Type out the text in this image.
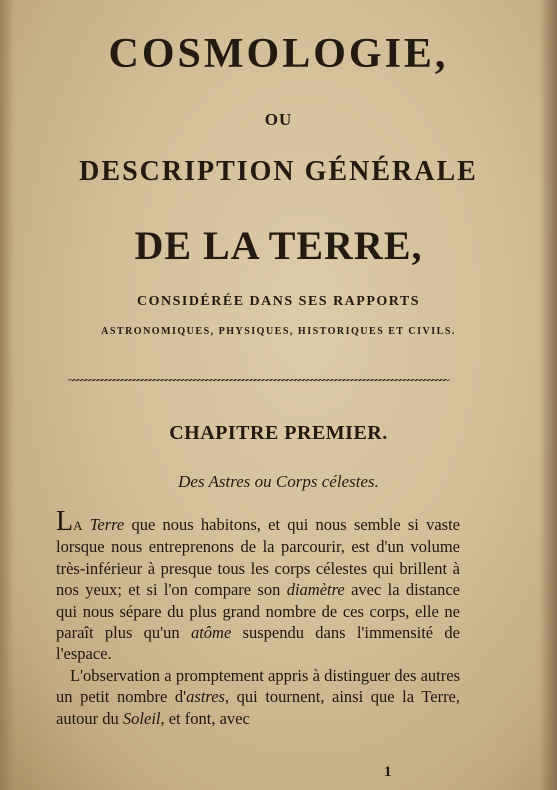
COSMOLOGIE,
OU
DESCRIPTION GÉNÉRALE
DE LA TERRE,
CONSIDÉRÉE DANS SES RAPPORTS
ASTRONOMIQUES, PHYSIQUES, HISTORIQUES ET CIVILS.
~~~~~~~~~~~~~~~~~~~~~~~~~~~~~~~~~~~~~~~~~~~~~~~~~~~~~~~~~~~~~~~~~~~~~~~~~~~~~~~~~~~~~~~~~~~~~~
CHAPITRE PREMIER.
Des Astres ou Corps célestes.

LA Terre que nous habitons, et qui nous semble si vaste lorsque nous entreprenons de la parcourir, est d'un volume très-inférieur à presque tous les corps célestes qui brillent à nos yeux; et si l'on compare son diamètre avec la distance qui nous sépare du plus grand nombre de ces corps, elle ne paraît plus qu'un atôme suspendu dans l'immensité de l'espace.

L'observation a promptement appris à distinguer des autres un petit nombre d'astres, qui tournent, ainsi que la Terre, autour du Soleil, et font, avec

1
